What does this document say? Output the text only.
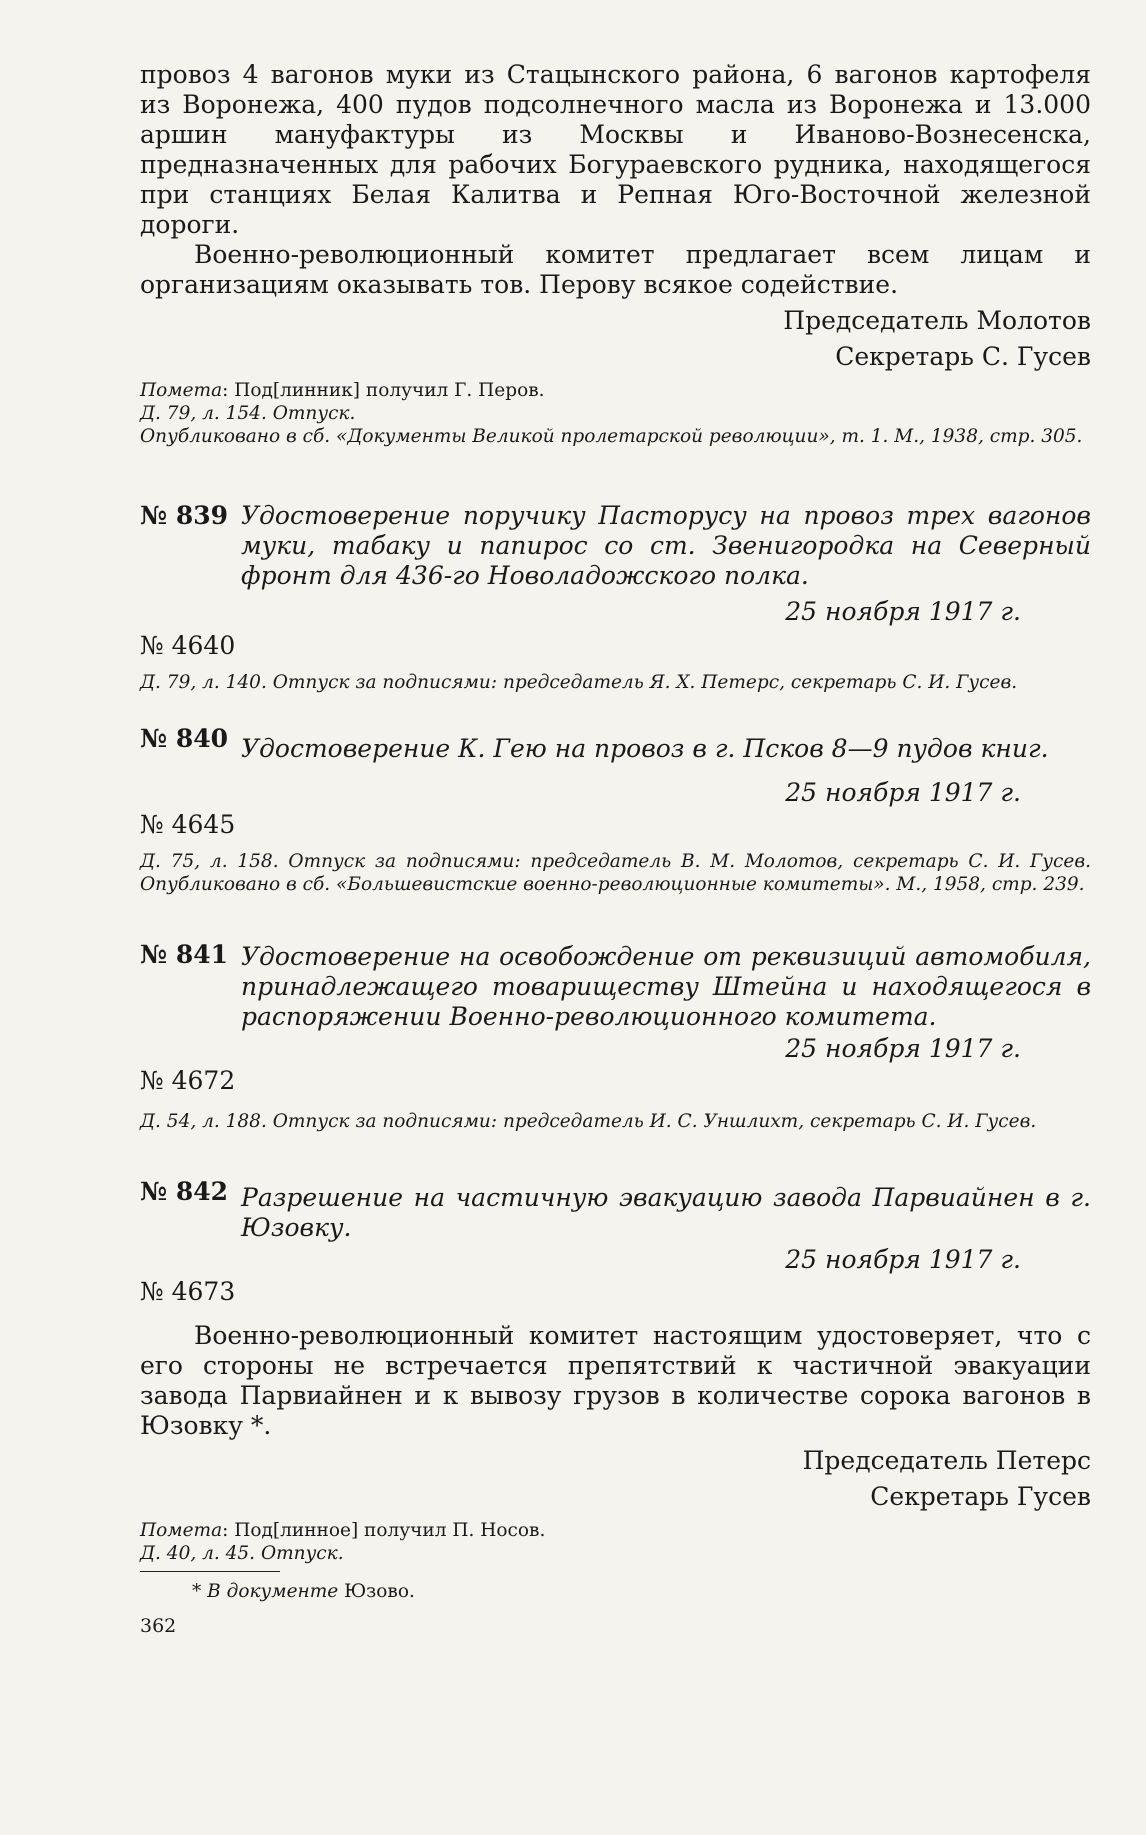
провоз 4 вагонов муки из Стацынского района, 6 вагонов картофеля из Воронежа, 400 пудов подсолнечного масла из Воронежа и 13.000 аршин мануфактуры из Москвы и Иваново-Вознесенска, предназначенных для рабочих Богураевского рудника, находящегося при станциях Белая Калитва и Репная Юго-Восточной железной дороги.

Военно-революционный комитет предлагает всем лицам и организациям оказывать тов. Перову всякое содействие.

Председатель Молотов
Секретарь С. Гусев

Помета: Под[линник] получил Г. Перов.

Д. 79, л. 154. Отпуск.

Опубликовано в сб. «Документы Великой пролетарской революции», т. 1. М., 1938, стр. 305.

№ 839 Удостоверение поручику Пасторусу на провоз трех вагонов муки, табаку и папирос со ст. Звенигородка на Северный фронт для 436-го Новоладожского полка.
25 ноября 1917 г.
№ 4640

Д. 79, л. 140. Отпуск за подписями: председатель Я. Х. Петерс, секретарь С. И. Гусев.

№ 840 Удостоверение К. Гею на провоз в г. Псков 8—9 пудов книг.
25 ноября 1917 г.
№ 4645

Д. 75, л. 158. Отпуск за подписями: председатель В. М. Молотов, секретарь С. И. Гусев. Опубликовано в сб. «Большевистские военно-революционные комитеты». М., 1958, стр. 239.

№ 841 Удостоверение на освобождение от реквизиций автомобиля, принадлежащего товариществу Штейна и находящегося в распоряжении Военно-революционного комитета.
25 ноября 1917 г.
№ 4672

Д. 54, л. 188. Отпуск за подписями: председатель И. С. Уншлихт, секретарь С. И. Гусев.

№ 842 Разрешение на частичную эвакуацию завода Парвиайнен в г. Юзовку.
25 ноября 1917 г.
№ 4673

Военно-революционный комитет настоящим удостоверяет, что с его стороны не встречается препятствий к частичной эвакуации завода Парвиайнен и к вывозу грузов в количестве сорока вагонов в Юзовку *.

Председатель Петерс
Секретарь Гусев

Помета: Под[линное] получил П. Носов.

Д. 40, л. 45. Отпуск.

* В документе Юзово.
362
